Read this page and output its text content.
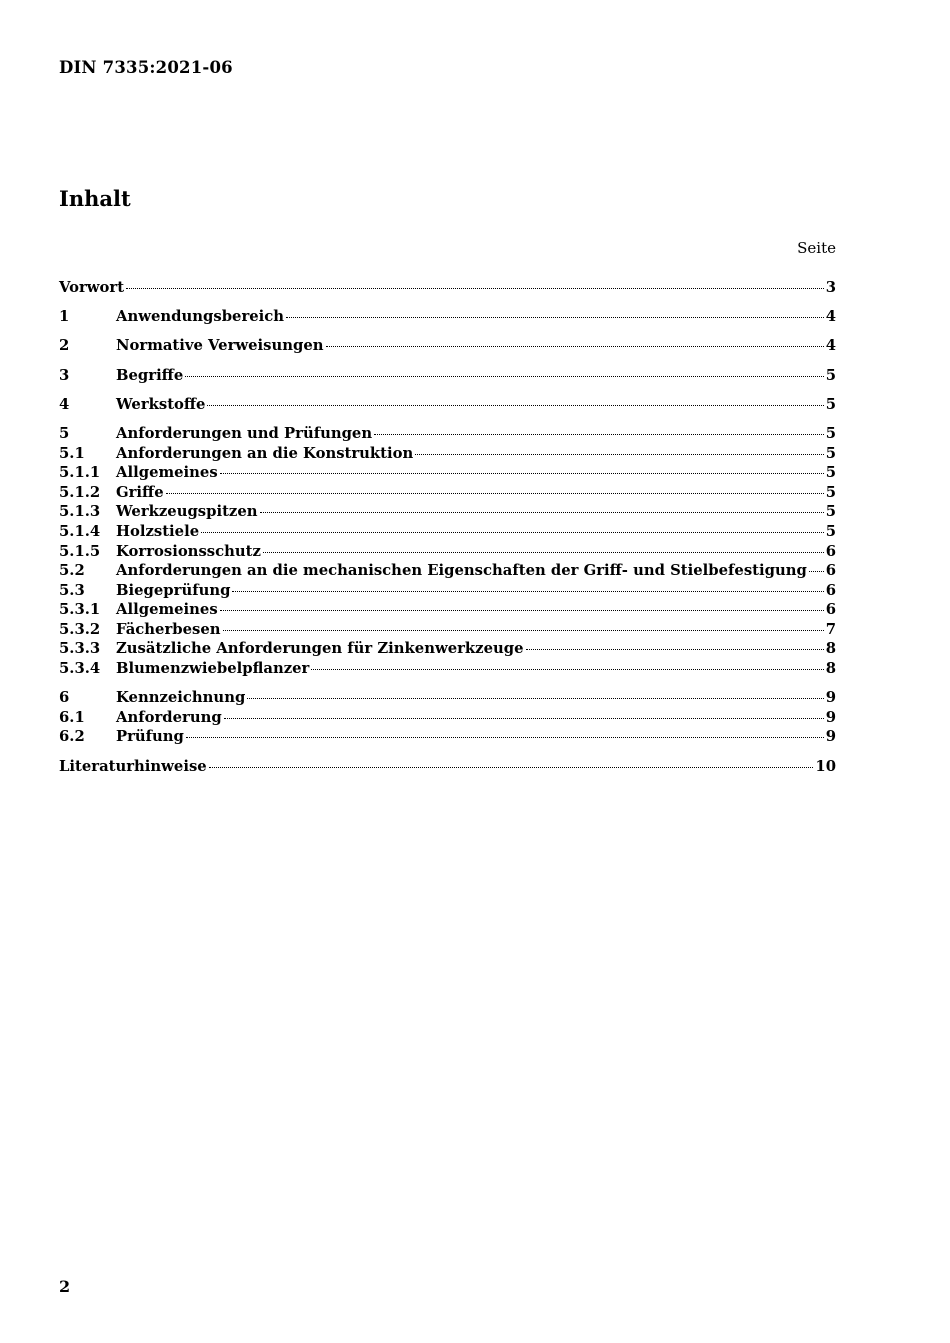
DIN 7335:2021-06
Inhalt
Seite
Vorwort	3
1	Anwendungsbereich	4
2	Normative Verweisungen	4
3	Begriffe	5
4	Werkstoffe	5
5	Anforderungen und Prüfungen	5
5.1	Anforderungen an die Konstruktion	5
5.1.1	Allgemeines	5
5.1.2	Griffe	5
5.1.3	Werkzeugspitzen	5
5.1.4	Holzstiele	5
5.1.5	Korrosionsschutz	6
5.2	Anforderungen an die mechanischen Eigenschaften der Griff- und Stielbefestigung 6
5.3	Biegeprüfung	6
5.3.1	Allgemeines	6
5.3.2	Fächerbesen	7
5.3.3	Zusätzliche Anforderungen für Zinkenwerkzeuge	8
5.3.4	Blumenzwiebelpflanzer	8
6	Kennzeichnung	9
6.1	Anforderung	9
6.2	Prüfung	9
Literaturhinweise	10
2
